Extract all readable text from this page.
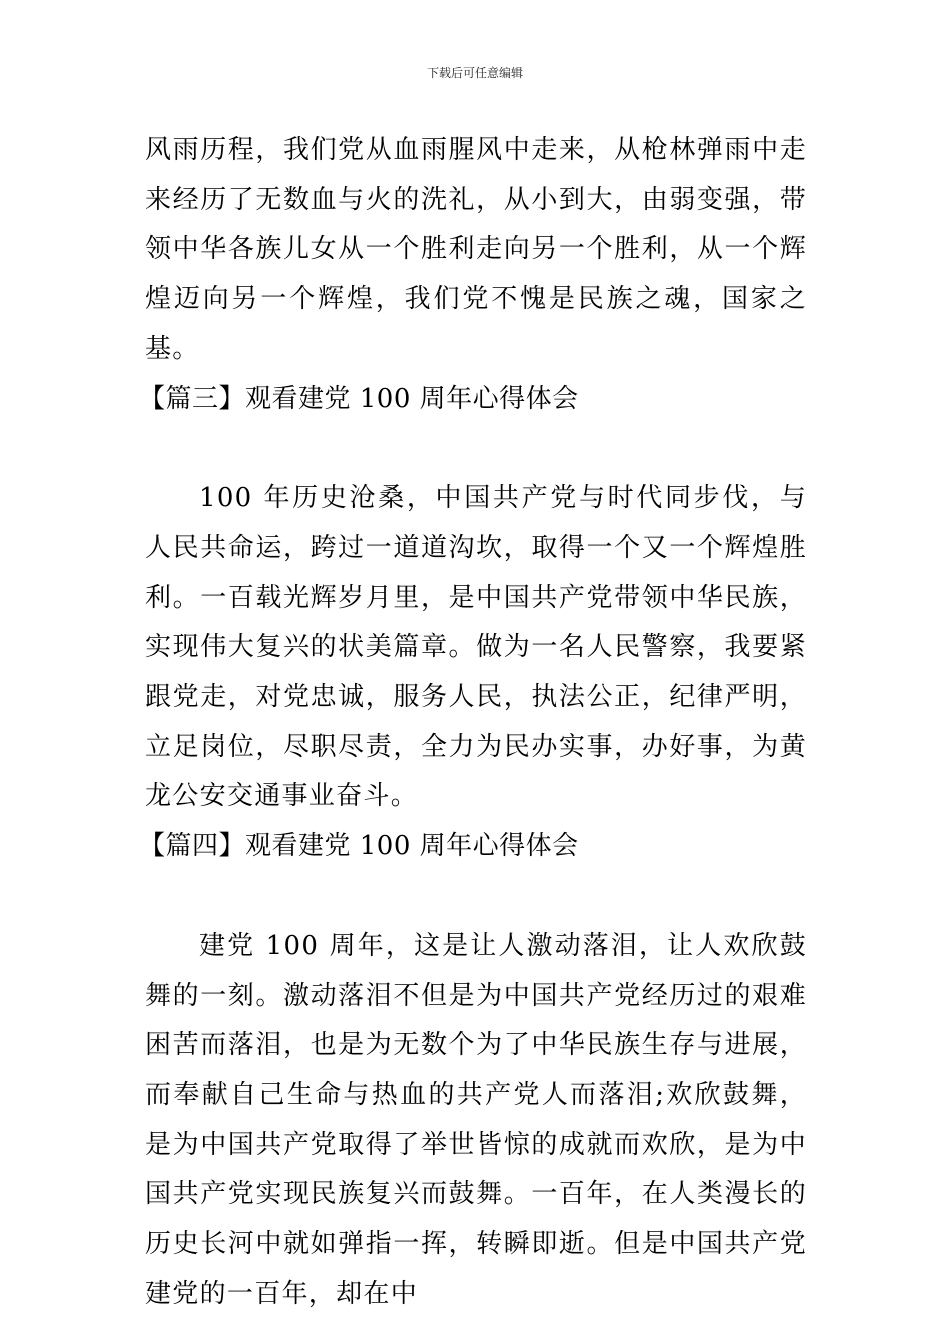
下载后可任意编辑

风雨历程，我们党从血雨腥风中走来，从枪林弹雨中走来经历了无数血与火的洗礼，从小到大，由弱变强，带领中华各族儿女从一个胜利走向另一个胜利，从一个辉煌迈向另一个辉煌，我们党不愧是民族之魂，国家之基。

【篇三】观看建党 100 周年心得体会

100 年历史沧桑，中国共产党与时代同步伐，与人民共命运，跨过一道道沟坎，取得一个又一个辉煌胜利。一百载光辉岁月里，是中国共产党带领中华民族，实现伟大复兴的状美篇章。做为一名人民警察，我要紧跟党走，对党忠诚，服务人民，执法公正，纪律严明，立足岗位，尽职尽责，全力为民办实事，办好事，为黄龙公安交通事业奋斗。

【篇四】观看建党 100 周年心得体会

建党 100 周年，这是让人激动落泪，让人欢欣鼓舞的一刻。激动落泪不但是为中国共产党经历过的艰难困苦而落泪，也是为无数个为了中华民族生存与进展，而奉献自己生命与热血的共产党人而落泪;欢欣鼓舞，是为中国共产党取得了举世皆惊的成就而欢欣，是为中国共产党实现民族复兴而鼓舞。一百年，在人类漫长的历史长河中就如弹指一挥，转瞬即逝。但是中国共产党建党的一百年，却在中
